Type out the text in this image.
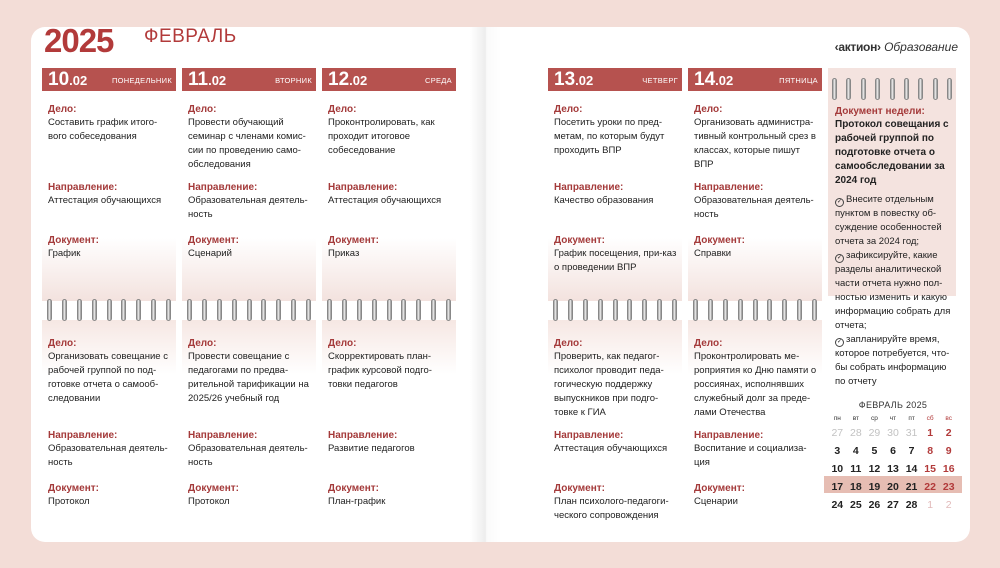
2025 ФЕВРАЛЬ	‹актион› Образование
10.02	ПОНЕДЕЛЬНИК
Дело:
Составить график итого-вого собеседования
Направление:
Аттестация обучающихся
Документ:
График
Дело:
Организовать совещание с рабочей группой по под-готовке отчета о самооб-следовании
Направление:
Образовательная деятель-ность
Документ:
Протокол
11.02	ВТОРНИК
Дело:
Провести обучающий семинар с членами комис-сии по проведению само-обследования
Направление:
Образовательная деятель-ность
Документ:
Сценарий
Дело:
Провести совещание с педагогами по предва-рительной тарификации на 2025/26 учебный год
Направление:
Образовательная деятель-ность
Документ:
Протокол
12.02	СРЕДА
Дело:
Проконтролировать, как проходит итоговое собеседование
Направление:
Аттестация обучающихся
Документ:
Приказ
Дело:
Скорректировать план-график курсовой подго-товки педагогов
Направление:
Развитие педагогов
Документ:
План-график
13.02	ЧЕТВЕРГ
Дело:
Посетить уроки по пред-метам, по которым будут проходить ВПР
Направление:
Качество образования
Документ:
График посещения, при-каз о проведении ВПР
Дело:
Проверить, как педагог-психолог проводит педа-гогическую поддержку выпускников при подго-товке к ГИА
Направление:
Аттестация обучающихся
Документ:
План психолого-педагоги-ческого сопровождения
14.02	ПЯТНИЦА
Дело:
Организовать администра-тивный контрольный срез в классах, которые пишут ВПР
Направление:
Образовательная деятель-ность
Документ:
Справки
Дело:
Проконтролировать ме-роприятия ко Дню памяти о россиянах, исполнявших служебный долг за преде-лами Отечества
Направление:
Воспитание и социализа-ция
Документ:
Сценарии
Документ недели:
Протокол совещания с рабочей группой по подготовке отчета о самообследовании за 2024 год
✓ Внесите отдельным пунктом в повестку об-суждение особенностей отчета за 2024 год;
✓ зафиксируйте, какие разделы аналитической части отчета нужно пол-ностью изменить и какую информацию собрать для отчета;
✓ запланируйте время, которое потребуется, что-бы собрать информацию по отчету
ФЕВРАЛЬ 2025
пн	вт	ср	чт	пт	сб	вс
27 28 29 30 31 1	2
3	4	5	6	7	8	9
10 11 12 13 14 15 16
17 18 19 20 21 22 23
24 25 26 27 28 1	2
